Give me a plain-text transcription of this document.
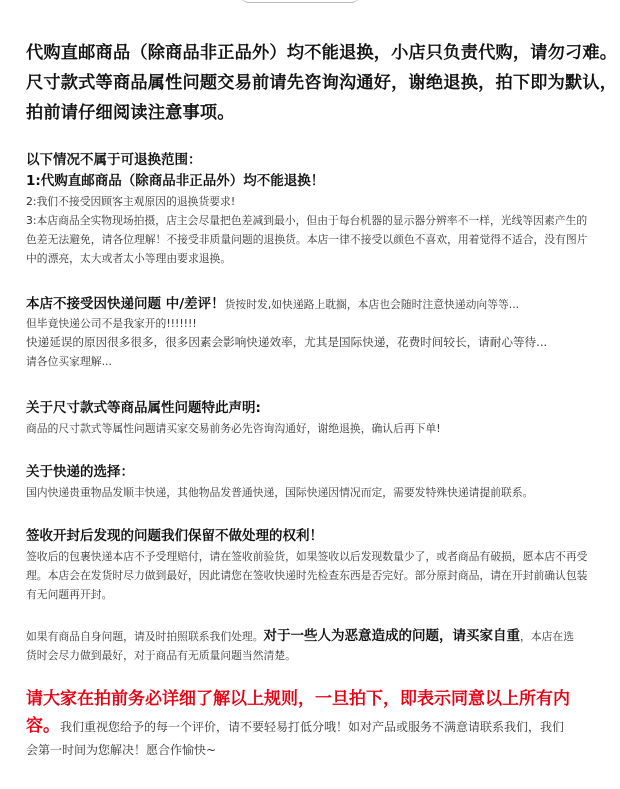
代购直邮商品（除商品非正品外）均不能退换，小店只负责代购，请勿刁难。
尺寸款式等商品属性问题交易前请先咨询沟通好，谢绝退换，拍下即为默认，
拍前请仔细阅读注意事项。
以下情况不属于可退换范围：
1:代购直邮商品（除商品非正品外）均不能退换！
2:我们不接受因顾客主观原因的退换货要求!
3:本店商品全实物现场拍摄，店主会尽量把色差减到最小，但由于每台机器的显示器分辨率不一样，光线等因素产生的
色差无法避免，请各位理解！不接受非质量问题的退换货。本店一律不接受以颜色不喜欢，用着觉得不适合，没有图片
中的漂亮，太大或者太小等理由要求退换。
本店不接受因快递问题 中/差评！货按时发,如快递路上耽搁，本店也会随时注意快递动向等等...
但毕竟快递公司不是我家开的!!!!!!!
快递延误的原因很多很多，很多因素会影响快递效率，尤其是国际快递，花费时间较长，请耐心等待...
请各位买家理解...
关于尺寸款式等商品属性问题特此声明:
商品的尺寸款式等属性问题请买家交易前务必先咨询沟通好，谢绝退换，确认后再下单!
关于快递的选择：
国内快递贵重物品发顺丰快递，其他物品发普通快递，国际快递因情况而定，需要发特殊快递请提前联系。
签收开封后发现的问题我们保留不做处理的权利！
签收后的包裹快递本店不予受理赔付，请在签收前验货，如果签收以后发现数量少了，或者商品有破损，愿本店不再受
理。本店会在发货时尽力做到最好，因此请您在签收快递时先检查东西是否完好。部分原封商品，请在开封前确认包装
有无问题再开封。
如果有商品自身问题，请及时拍照联系我们处理。对于一些人为恶意造成的问题，请买家自重，本店在选
货时会尽力做到最好，对于商品有无质量问题当然清楚。
请大家在拍前务必详细了解以上规则，一旦拍下，即表示同意以上所有内
容。我们重视您给予的每一个评价，请不要轻易打低分哦！如对产品或服务不满意请联系我们，我们
会第一时间为您解决！愿合作愉快~
